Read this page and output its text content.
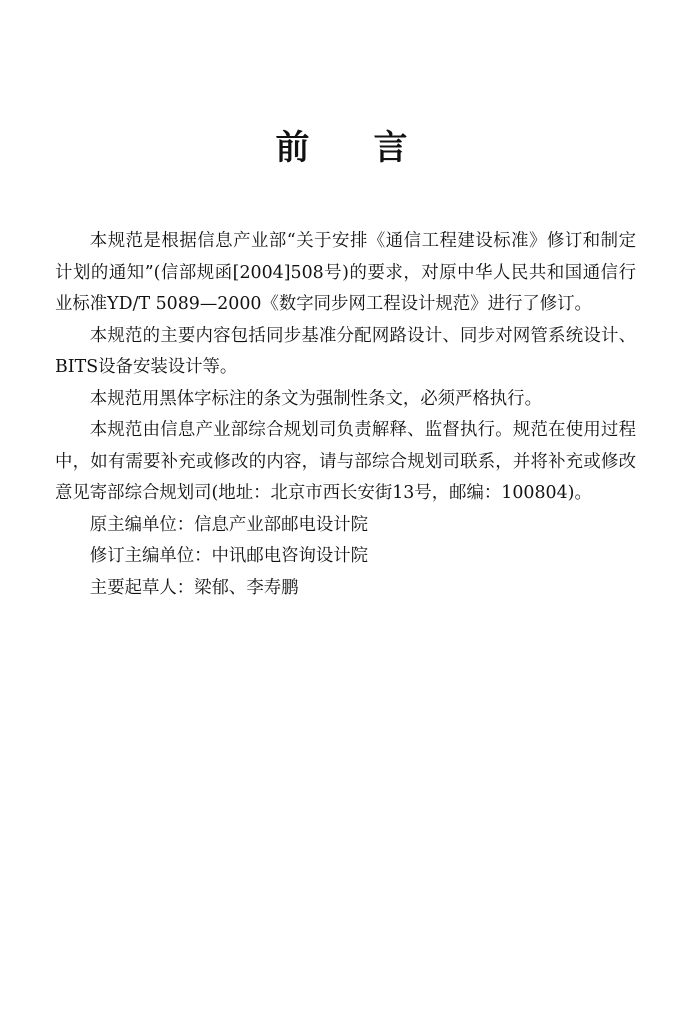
前 言

本规范是根据信息产业部“关于安排《通信工程建设标准》修订和制定计划的通知”(信部规函[2004]508号)的要求，对原中华人民共和国通信行业标准YD/T 5089—2000《数字同步网工程设计规范》进行了修订。

本规范的主要内容包括同步基准分配网路设计、同步对网管系统设计、BITS设备安装设计等。

本规范用黑体字标注的条文为强制性条文，必须严格执行。

本规范由信息产业部综合规划司负责解释、监督执行。规范在使用过程中，如有需要补充或修改的内容，请与部综合规划司联系，并将补充或修改意见寄部综合规划司(地址：北京市西长安街13号，邮编：100804)。

原主编单位：信息产业部邮电设计院

修订主编单位：中讯邮电咨询设计院

主要起草人：梁郁、李寿鹏
